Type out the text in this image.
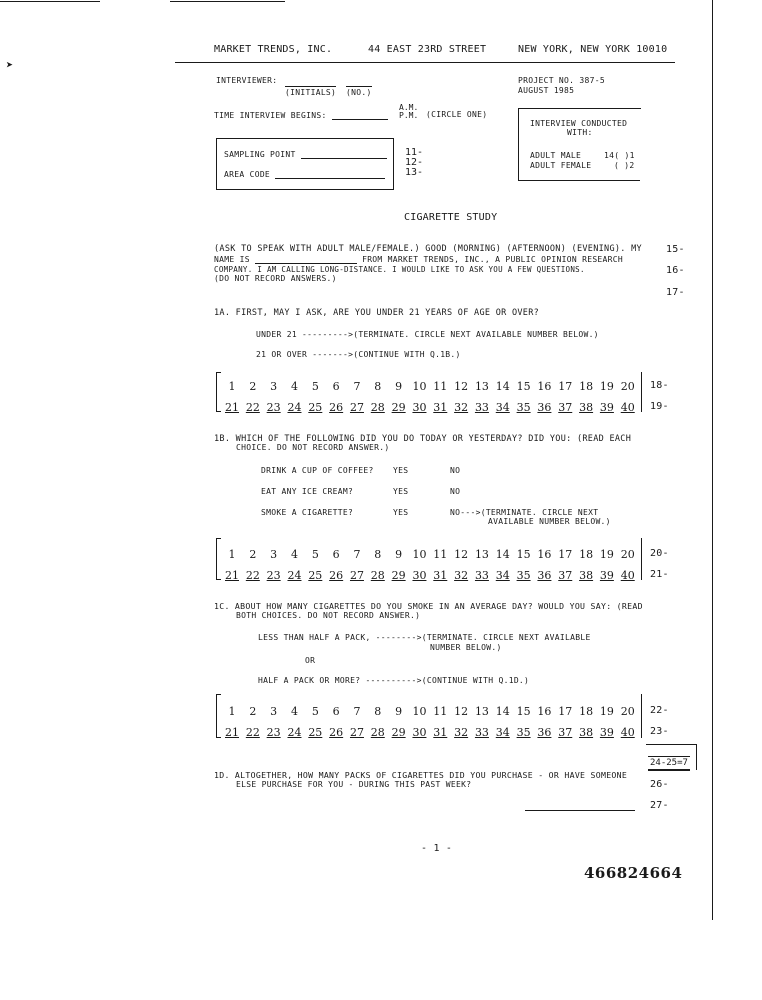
➤
MARKET TRENDS, INC.	44 EAST 23RD STREET	NEW YORK, NEW YORK 10010
INTERVIEWER:
(INITIALS) (NO.)
PROJECT NO. 387-5
AUGUST 1985
TIME INTERVIEW BEGINS:
A.M.
P.M. (CIRCLE ONE)
INTERVIEW CONDUCTED
WITH:
ADULT MALE	14( )1
ADULT FEMALE	( )2
SAMPLING POINT
AREA CODE
11-
12-
13-
CIGARETTE STUDY
(ASK TO SPEAK WITH ADULT MALE/FEMALE.) GOOD (MORNING) (AFTERNOON) (EVENING). MY
NAME IS	FROM MARKET TRENDS, INC., A PUBLIC OPINION RESEARCH
COMPANY. I AM CALLING LONG-DISTANCE. I WOULD LIKE TO ASK YOU A FEW QUESTIONS.
(DO NOT RECORD ANSWERS.)
15-
16-
17-
1A. FIRST, MAY I ASK, ARE YOU UNDER 21 YEARS OF AGE OR OVER?
UNDER 21 --------->(TERMINATE. CIRCLE NEXT AVAILABLE NUMBER BELOW.)
21 OR OVER ------->(CONTINUE WITH Q.1B.)
1	2	3	4	5	6	7	8	9 10 11 12 13 14 15 16 17 18 19 20
21 22 23 24 25 26 27 28 29 30 31 32 33 34 35 36 37 38 39 40
18-
19-
1B. WHICH OF THE FOLLOWING DID YOU DO TODAY OR YESTERDAY? DID YOU: (READ EACH
CHOICE. DO NOT RECORD ANSWER.)
DRINK A CUP OF COFFEE? YES	NO
EAT ANY ICE CREAM?	YES	NO
SMOKE A CIGARETTE?	YES	NO--->(TERMINATE. CIRCLE NEXT
AVAILABLE NUMBER BELOW.)
1	2	3	4	5	6	7	8	9 10 11 12 13 14 15 16 17 18 19 20
21 22 23 24 25 26 27 28 29 30 31 32 33 34 35 36 37 38 39 40
20-
21-
1C. ABOUT HOW MANY CIGARETTES DO YOU SMOKE IN AN AVERAGE DAY? WOULD YOU SAY: (READ
BOTH CHOICES. DO NOT RECORD ANSWER.)
LESS THAN HALF A PACK, -------->(TERMINATE. CIRCLE NEXT AVAILABLE
NUMBER BELOW.)
OR
HALF A PACK OR MORE? ---------->(CONTINUE WITH Q.1D.)
1	2	3	4	5	6	7	8	9 10 11 12 13 14 15 16 17 18 19 20
21 22 23 24 25 26 27 28 29 30 31 32 33 34 35 36 37 38 39 40
22-
23-
24-25=7
1D. ALTOGETHER, HOW MANY PACKS OF CIGARETTES DID YOU PURCHASE - OR HAVE SOMEONE
ELSE PURCHASE FOR YOU - DURING THIS PAST WEEK?	26-
27-
- 1 -
466824664
